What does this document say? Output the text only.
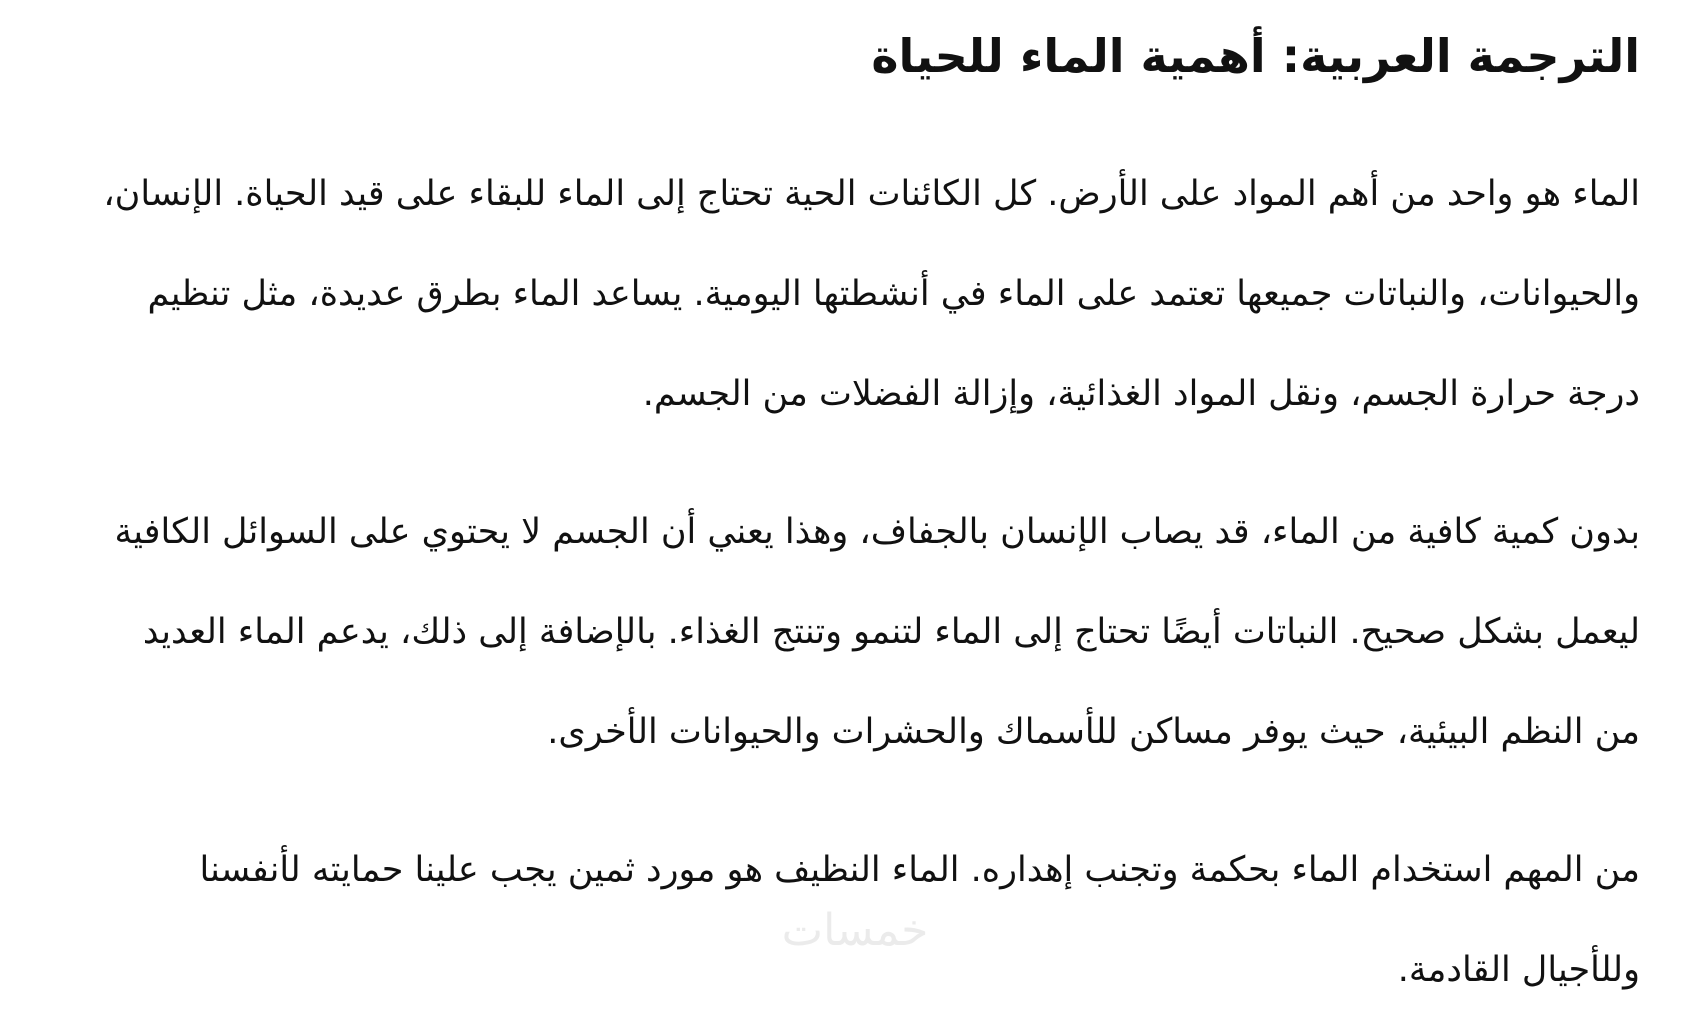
الترجمة العربية: أهمية الماء للحياة

الماء هو واحد من أهم المواد على الأرض. كل الكائنات الحية تحتاج إلى الماء للبقاء على قيد الحياة. الإنسان، والحيوانات، والنباتات جميعها تعتمد على الماء في أنشطتها اليومية. يساعد الماء بطرق عديدة، مثل تنظيم درجة حرارة الجسم، ونقل المواد الغذائية، وإزالة الفضلات من الجسم.

بدون كمية كافية من الماء، قد يصاب الإنسان بالجفاف، وهذا يعني أن الجسم لا يحتوي على السوائل الكافية ليعمل بشكل صحيح. النباتات أيضًا تحتاج إلى الماء لتنمو وتنتج الغذاء. بالإضافة إلى ذلك، يدعم الماء العديد من النظم البيئية، حيث يوفر مساكن للأسماك والحشرات والحيوانات الأخرى.

من المهم استخدام الماء بحكمة وتجنب إهداره. الماء النظيف هو مورد ثمين يجب علينا حمايته لأنفسنا وللأجيال القادمة.

خمسات
